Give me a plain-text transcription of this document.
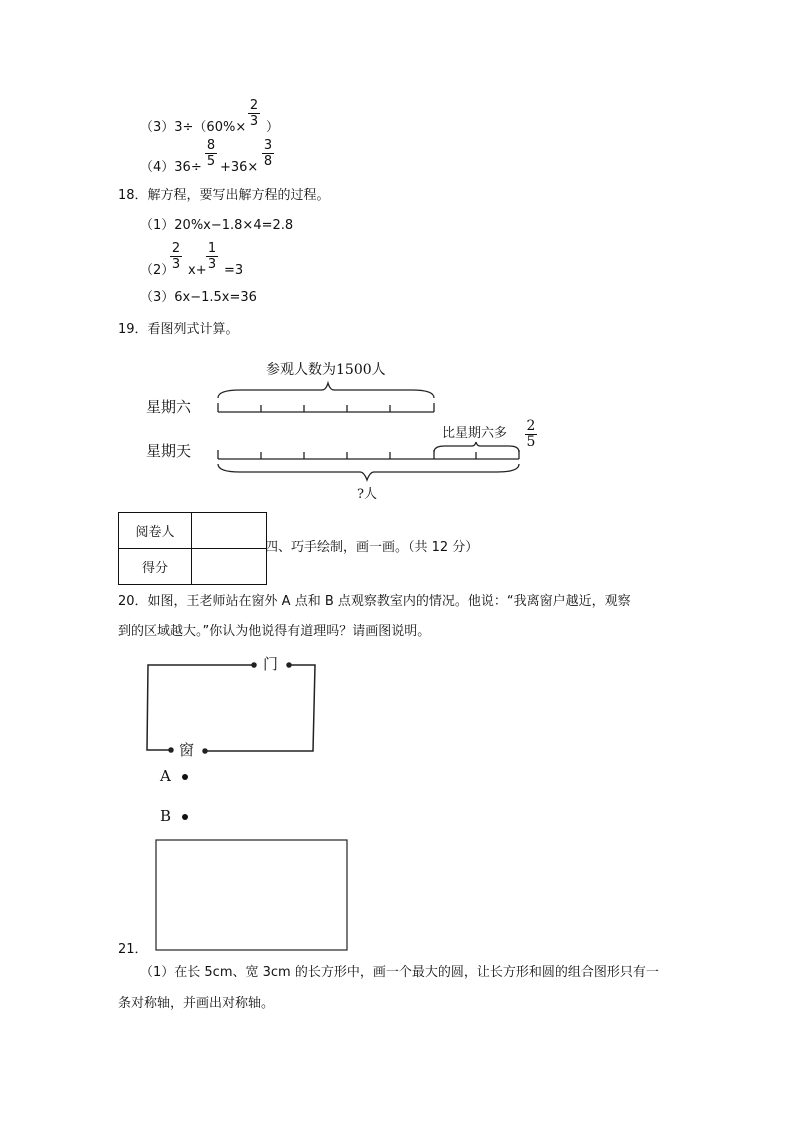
$(3)3\div(60\%\times \frac{2}{3}$ ）
$(4)36\div \frac{8}{5} +36\times \frac{3}{8}$
18．解方程，要写出解方程的过程。
（1）20%x−1.8×4=2.8
（2）
$\frac{2}{3} x+ \frac{1}{3} =3$
（3）6x−1.5x=36
19．看图列式计算。
参观人数为1500人
星期六
星期天
比星期六多 $\frac{2}{5}$
?人
阅卷人	
得分	
四、巧手绘制，画一画。（共 12 分）
20．如图，王老师站在窗外 A 点和 B 点观察教室内的情况。他说：“我离窗户越近，观察
到的区域越大。”你认为他说得有道理吗？请画图说明。
门
窗
A
B
21．
（1）在长 5cm、宽 3cm 的长方形中，画一个最大的圆，让长方形和圆的组合图形只有一
条对称轴，并画出对称轴。
